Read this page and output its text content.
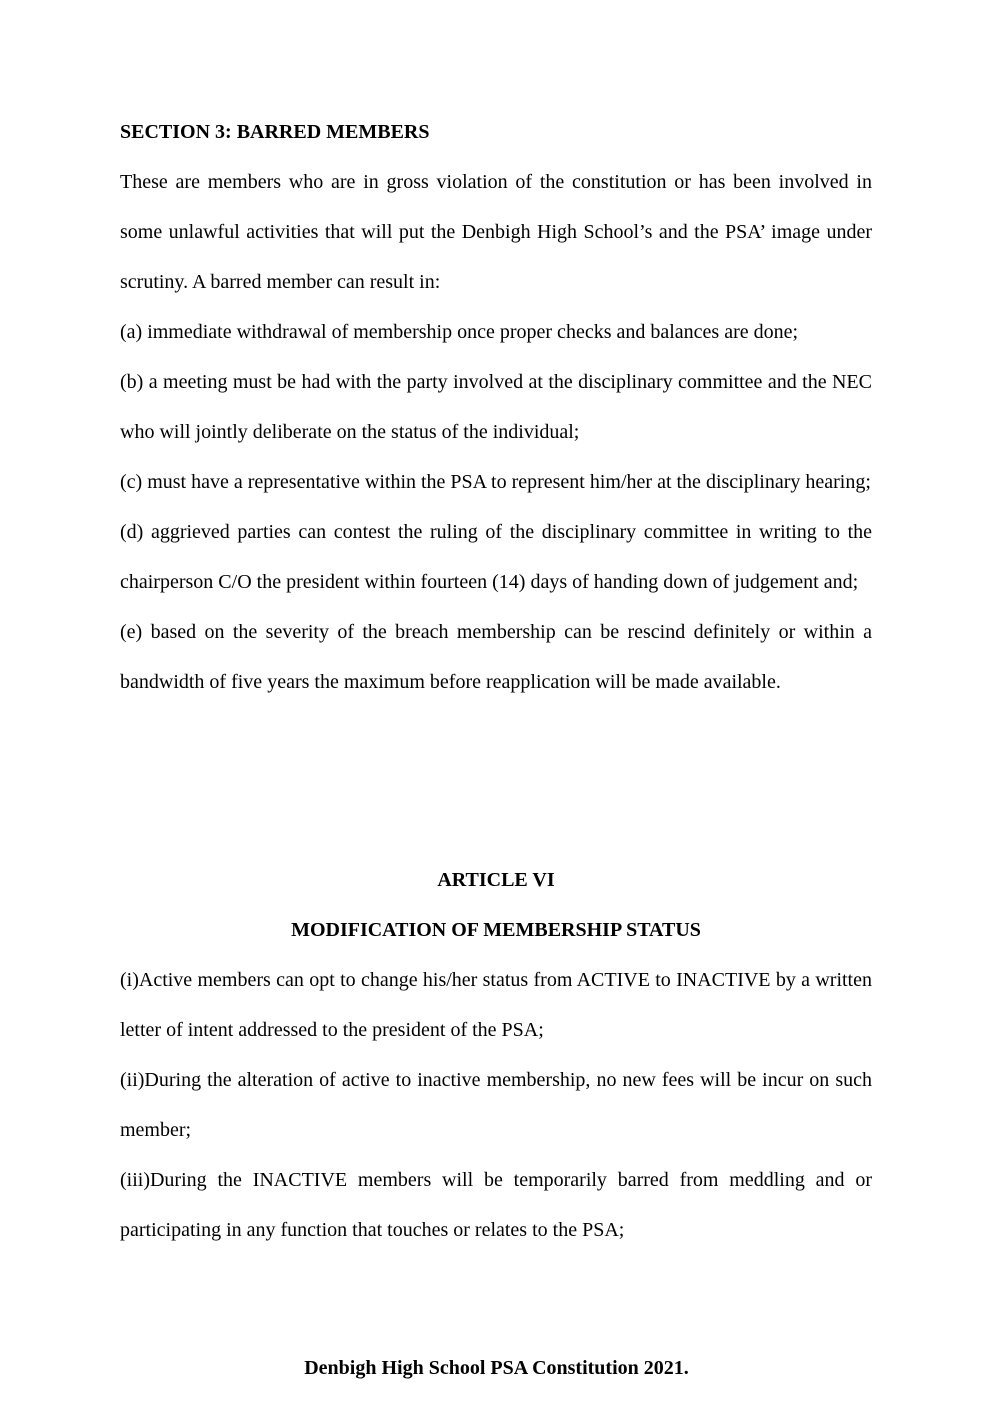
SECTION 3: BARRED MEMBERS

These are members who are in gross violation of the constitution or has been involved in some unlawful activities that will put the Denbigh High School’s and the PSA’ image under scrutiny. A barred member can result in:

(a) immediate withdrawal of membership once proper checks and balances are done;

(b) a meeting must be had with the party involved at the disciplinary committee and the NEC who will jointly deliberate on the status of the individual;

(c) must have a representative within the PSA to represent him/her at the disciplinary hearing;

(d) aggrieved parties can contest the ruling of the disciplinary committee in writing to the chairperson C/O the president within fourteen (14) days of handing down of judgement and;

(e) based on the severity of the breach membership can be rescind definitely or within a bandwidth of five years the maximum before reapplication will be made available.

ARTICLE VI

MODIFICATION OF MEMBERSHIP STATUS

(i)Active members can opt to change his/her status from ACTIVE to INACTIVE by a written letter of intent addressed to the president of the PSA;

(ii)During the alteration of active to inactive membership, no new fees will be incur on such member;

(iii)During the INACTIVE members will be temporarily barred from meddling and or participating in any function that touches or relates to the PSA;

Denbigh High School PSA Constitution 2021.
